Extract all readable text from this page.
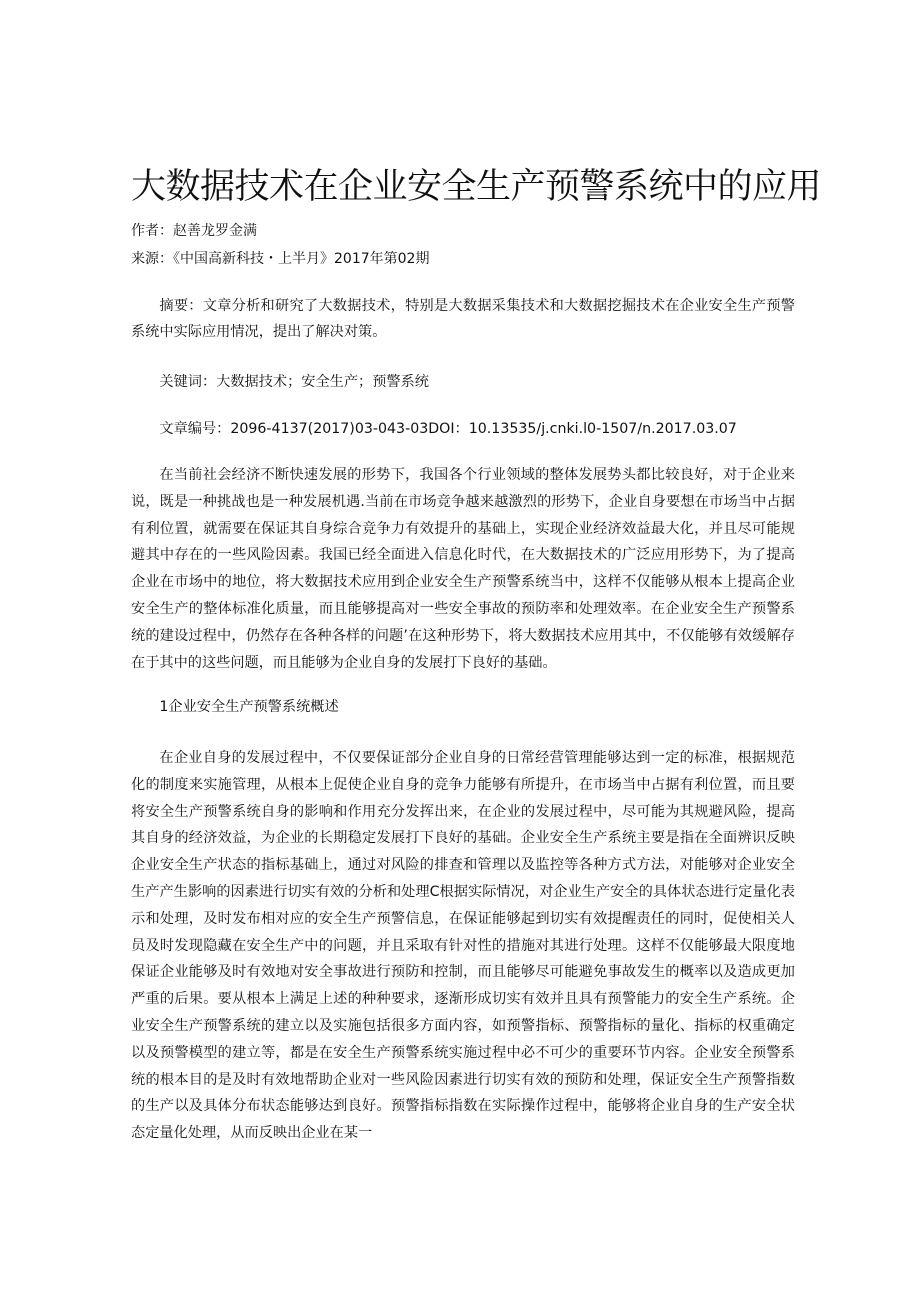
大数据技术在企业安全生产预警系统中的应用
作者：赵善龙罗金满
来源：《中国高新科技・上半月》2017年第02期

摘要：文章分析和研究了大数据技术，特别是大数据采集技术和大数据挖掘技术在企业安全生产预警系统中实际应用情况，提出了解决对策。

关键词：大数据技术；安全生产；预警系统

文章编号：2096-4137(2017)03-043-03DOI：10.13535∕j.cnki.l0-1507∕n.2017.03.07

在当前社会经济不断快速发展的形势下，我国各个行业领域的整体发展势头都比较良好，对于企业来说，既是一种挑战也是一种发展机遇.当前在市场竞争越来越激烈的形势下，企业自身要想在市场当中占据有利位置，就需要在保证其自身综合竞争力有效提升的基础上，实现企业经济效益最大化，并且尽可能规避其中存在的一些风险因素。我国已经全面进入信息化时代，在大数据技术的广泛应用形势下，为了提高企业在市场中的地位，将大数据技术应用到企业安全生产预警系统当中，这样不仅能够从根本上提高企业安全生产的整体标准化质量，而且能够提高对一些安全事故的预防率和处理效率。在企业安全生产预警系统的建设过程中，仍然存在各种各样的问题’在这种形势下，将大数据技术应用其中，不仅能够有效缓解存在于其中的这些问题，而且能够为企业自身的发展打下良好的基础。

1企业安全生产预警系统概述

在企业自身的发展过程中，不仅要保证部分企业自身的日常经营管理能够达到一定的标准，根据规范化的制度来实施管理，从根本上促使企业自身的竞争力能够有所提升，在市场当中占据有利位置，而且要将安全生产预警系统自身的影响和作用充分发挥出来，在企业的发展过程中，尽可能为其规避风险，提高其自身的经济效益，为企业的长期稳定发展打下良好的基础。企业安全生产系统主要是指在全面辨识反映企业安全生产状态的指标基础上，通过对风险的排查和管理以及监控等各种方式方法，对能够对企业安全生产产生影响的因素进行切实有效的分析和处理C根据实际情况，对企业生产安全的具体状态进行定量化表示和处理，及时发布相对应的安全生产预警信息，在保证能够起到切实有效提醒责任的同时，促使相关人员及时发现隐藏在安全生产中的问题，并且采取有针对性的措施对其进行处理。这样不仅能够最大限度地保证企业能够及时有效地对安全事故进行预防和控制，而且能够尽可能避免事故发生的概率以及造成更加严重的后果。要从根本上满足上述的种种要求，逐渐形成切实有效并且具有预警能力的安全生产系统。企业安全生产预警系统的建立以及实施包括很多方面内容，如预警指标、预警指标的量化、指标的权重确定以及预警模型的建立等，都是在安全生产预警系统实施过程中必不可少的重要环节内容。企业安全预警系统的根本目的是及时有效地帮助企业对一些风险因素进行切实有效的预防和处理，保证安全生产预警指数的生产以及具体分布状态能够达到良好。预警指标指数在实际操作过程中，能够将企业自身的生产安全状态定量化处理，从而反映出企业在某一
